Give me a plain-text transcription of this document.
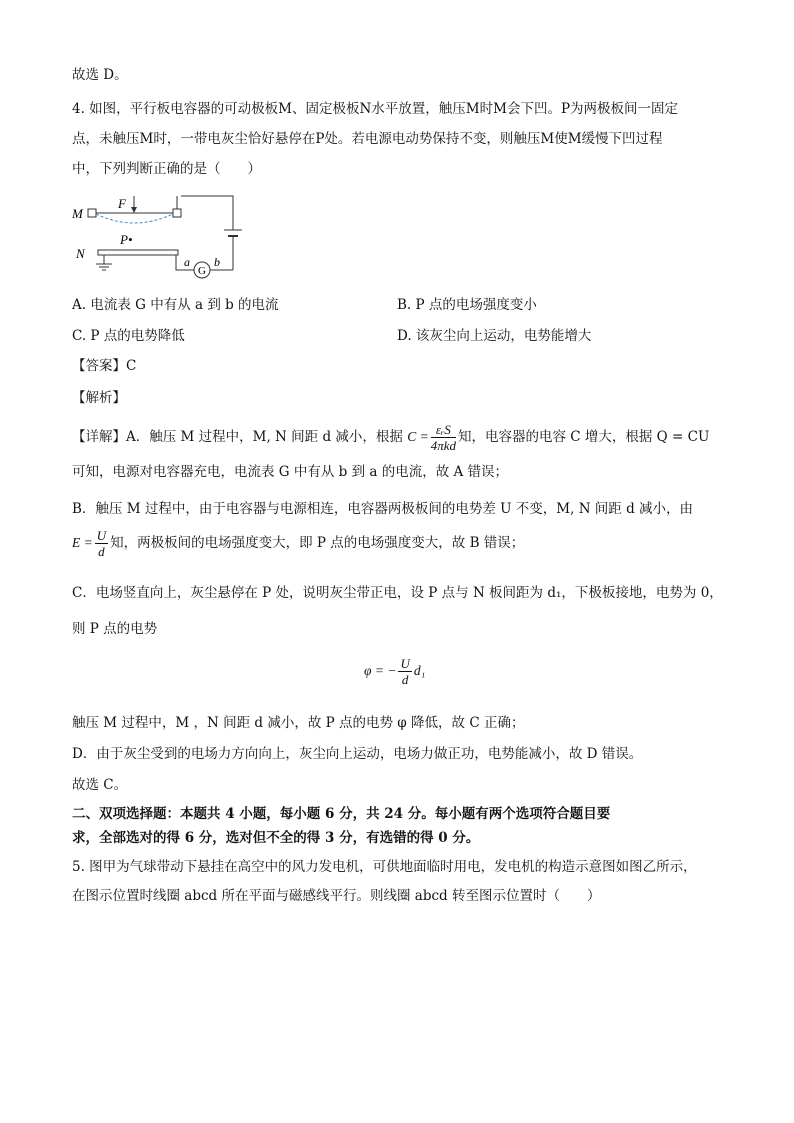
故选 D。
4. 如图，平行板电容器的可动极板M、固定极板N水平放置，触压M时M会下凹。P为两极板间一固定
点，未触压M时，一带电灰尘恰好悬停在P处。若电源电动势保持不变，则触压M使M缓慢下凹过程
中，下列判断正确的是（　　）
M
F
P•
N
a
G
b
A. 电流表 G 中有从 a 到 b 的电流	B. P 点的电场强度变小
C. P 点的电势降低	D. 该灰尘向上运动，电势能增大
【答案】C
【解析】
【详解】A．触压 M 过程中，M, N 间距 d 减小，根据 $C = \frac{\text{εᵣS}}{\text{4πkd}}$ 知，电容器的电容 C 增大，根据 Q = CU
可知，电源对电容器充电，电流表 G 中有从 b 到 a 的电流，故 A 错误；
B．触压 M 过程中，由于电容器与电源相连，电容器两极板间的电势差 U 不变，M, N 间距 d 减小，由
$E = \frac{U}{d}$ 知，两极板间的电场强度变大，即 P 点的电场强度变大，故 B 错误；
C．电场竖直向上，灰尘悬停在 P 处，说明灰尘带正电，设 P 点与 N 板间距为 d₁，下极板接地，电势为 0，
则 P 点的电势
φ = − $\frac{U}{d} d_1$
触压 M 过程中，M ，N 间距 d 减小，故 P 点的电势 φ 降低，故 C 正确；
D．由于灰尘受到的电场力方向向上，灰尘向上运动，电场力做正功，电势能减小，故 D 错误。
故选 C。
二、双项选择题：本题共 4 小题，每小题 6 分，共 24 分。每小题有两个选项符合题目要
求，全部选对的得 6 分，选对但不全的得 3 分，有选错的得 0 分。
5. 图甲为气球带动下悬挂在高空中的风力发电机，可供地面临时用电，发电机的构造示意图如图乙所示，
在图示位置时线圈 abcd 所在平面与磁感线平行。则线圈 abcd 转至图示位置时（　　）
